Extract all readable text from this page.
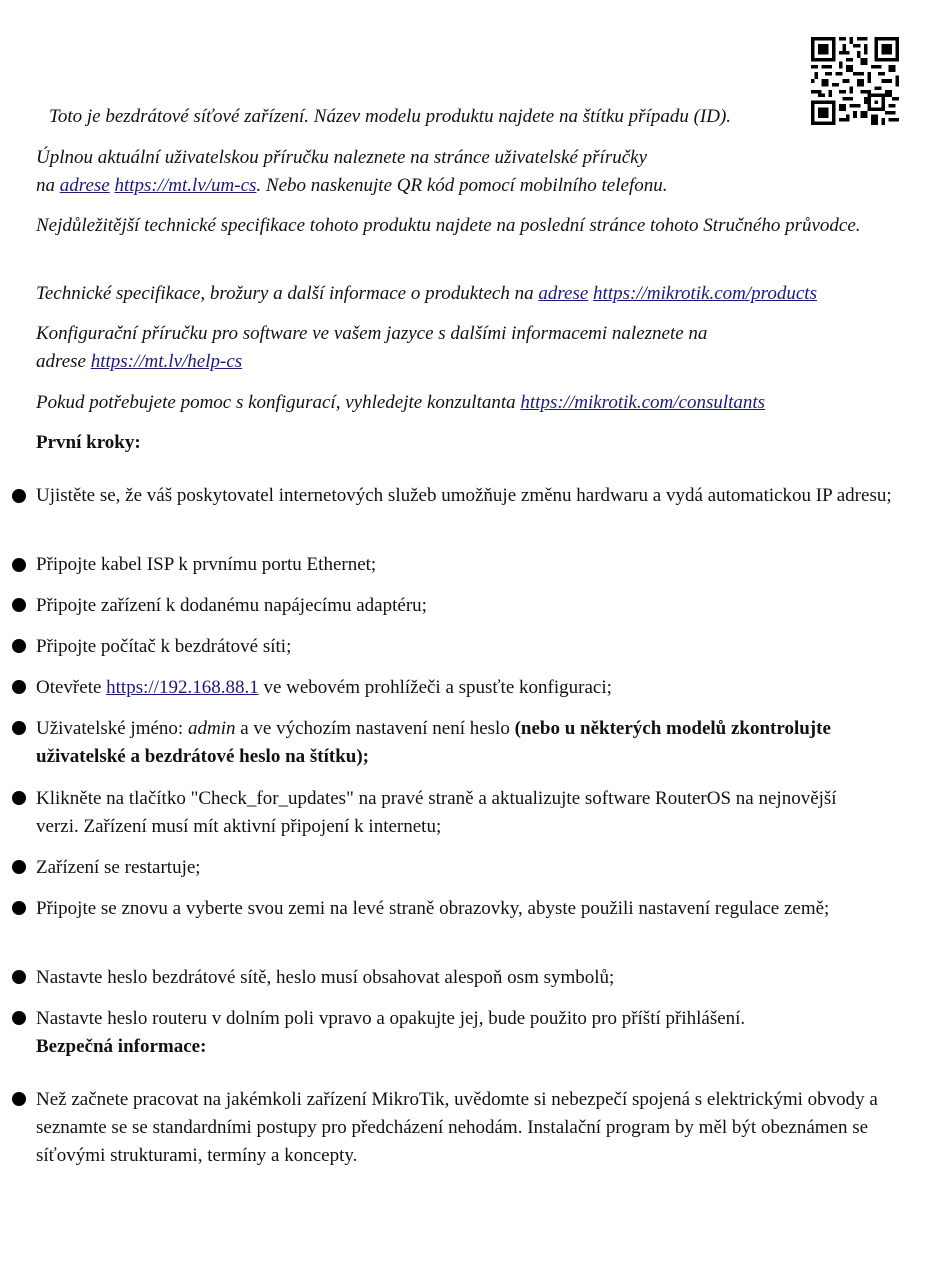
Toto je bezdrátové síťové zařízení. Název modelu produktu najdete na štítku případu (ID).

Úplnou aktuální uživatelskou příručku naleznete na stránce uživatelské příručky
na adrese https://mt.lv/um-cs. Nebo naskenujte QR kód pomocí mobilního telefonu.

Nejdůležitější technické specifikace tohoto produktu najdete na poslední stránce tohoto Stručného průvodce.

Technické specifikace, brožury a další informace o produktech na adrese https://mikrotik.com/products

Konfigurační příručku pro software ve vašem jazyce s dalšími informacemi naleznete na
adrese https://mt.lv/help-cs

Pokud potřebujete pomoc s konfigurací, vyhledejte konzultanta https://mikrotik.com/consultants

První kroky:

Ujistěte se, že váš poskytovatel internetových služeb umožňuje změnu hardwaru a vydá automatickou IP adresu;

Připojte kabel ISP k prvnímu portu Ethernet;

Připojte zařízení k dodanému napájecímu adaptéru;

Připojte počítač k bezdrátové síti;

Otevřete https://192.168.88.1 ve webovém prohlížeči a spusťte konfiguraci;

Uživatelské jméno: admin a ve výchozím nastavení není heslo (nebo u některých modelů zkontrolujte uživatelské a bezdrátové heslo na štítku);

Klikněte na tlačítko "Check_for_updates" na pravé straně a aktualizujte software RouterOS na nejnovější verzi. Zařízení musí mít aktivní připojení k internetu;

Zařízení se restartuje;

Připojte se znovu a vyberte svou zemi na levé straně obrazovky, abyste použili nastavení regulace země;

Nastavte heslo bezdrátové sítě, heslo musí obsahovat alespoň osm symbolů;

Nastavte heslo routeru v dolním poli vpravo a opakujte jej, bude použito pro příští přihlášení.

Bezpečná informace:

Než začnete pracovat na jakémkoli zařízení MikroTik, uvědomte si nebezpečí spojená s elektrickými obvody a seznamte se se standardními postupy pro předcházení nehodám. Instalační program by měl být obeznámen se síťovými strukturami, termíny a koncepty.
